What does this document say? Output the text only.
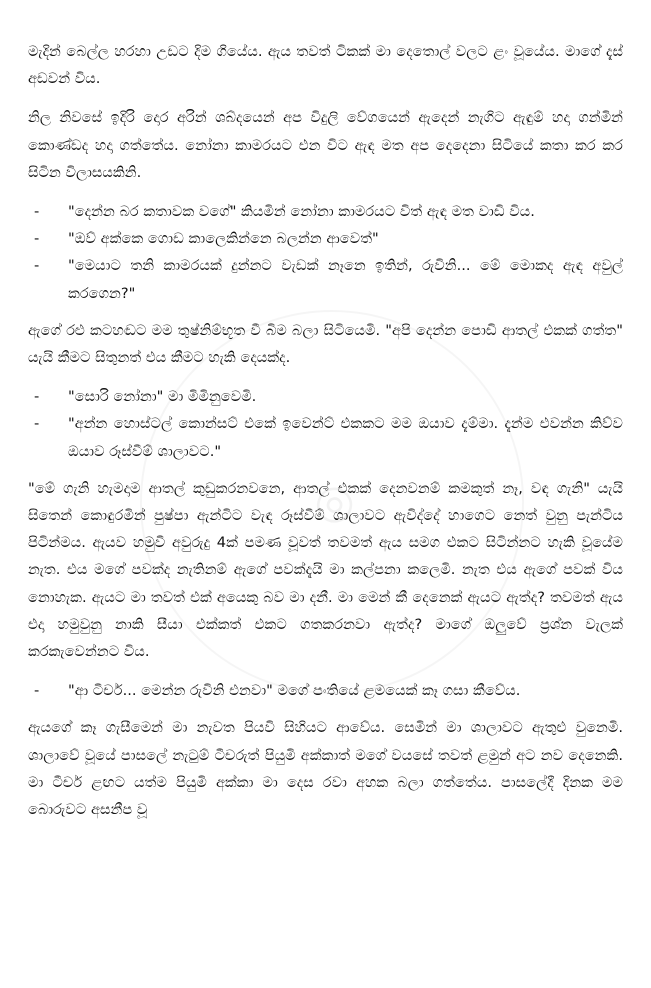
◎

මැදින් බෙල්ල හරහා උඩට දිම ගියේය. ඇය තවත් ටිකක් මා දෙතොල් වලට ළං වූයේය. මාගේ දැස් අඩවන් විය.

නිල නිවසේ ඉදිරි දොර අරින් ශබ්දයෙන් අප විදුලි වේගයෙන් ඇදෙන් නැගිට ඇඳුම් හදා ගන්මින් කොණ්ඩද හදා ගත්තේය. නෝනා කාමරයට එන විට ඇඳ මත අප දෙදෙනා සිටියේ කතා කර කර සිටින විලාසයකිනි.

- "දෙන්න බර කතාවක වගේ" කියමින් නෝනා කාමරයට විත් ඇඳ මත වාඩි විය.
- "ඔව් අක්කෙ ගොඩ කාලෙකින්නෙ බලන්න ආවෙත්"
- "මෙයාට තනි කාමරයක් දුන්නට වැඩක් නෑනෙ ඉතින්, රුවිනි... මේ මොකද ඇඳ අවුල් කරගෙන?"

ඇගේ රළු කටහඬට මම තුෂ්නිම්භූත වී බිම බලා සිටියෙමි. "අපි දෙන්න පොඩි ආතල් එකක් ගත්ත" යැයි කීමට සිතුනත් එය කීමට හැකි දෙයක්ද.

- "සොරි නෝනා" මා මිමිනුවෙමි.
- "අන්න හොස්ටල් කොන්සට් එකේ ඉවෙන්ට් එකකට මම ඔයාව දැම්මා. දැන්ම එවන්න කිව්ව ඔයාව රූස්වීම් ශාලාවට."

"මේ ගැනි හැමදාම ආතල් කුඩුකරනවනෙ, ආතල් එකක් දෙනවනම් කමකුත් නෑ, වඳ ගැනි" යැයි සිතෙන් කොඳුරමින් පුෂ්පා ඇන්ටිට වැඳ රූස්වීම් ශාලාවට ඇවිද්දේ හාගෙට නෙත් වුනු පැන්ටිය පිටින්මය. ඇයව හමුවී අවුරුදු 4ක් පමණ වූවත් තවමත් ඇය සමග එකට සිටින්නට හැකි වූයේම නැත. එය මගේ පවක්ද නැතිනම් ඇගේ පවක්දැයි මා කල්පනා කලෙමි. නැත එය ඇගේ පවක් විය නොහැක. ඇයට මා තවත් එක් අයෙකු බව මා දනී. මා මෙන් කී දෙනෙක් ඇයට ඇත්ද? තවමත් ඇය එදා හමුවුනු නාකි සීයා එක්කත් එකට ගතකරනවා ඇත්ද? මාගේ ඔලුවේ ප්‍රශ්න වැලක් කරකැවෙන්නට විය.

- "ආ ටීචර්... මෙන්න රුවිනි එනවා" මගේ පංතියේ ළමයෙක් කෑ ගසා කීවේය.

ඇයගේ කෑ ගැසීමෙන් මා නැවත පියවි සිහියට ආවේය. සෙමින් මා ශාලාවට ඇතුළු වුනෙමි. ශාලාවේ වූයේ පාසලේ නැටුම් ටීචරුත් පියුමි අක්කාත් මගේ වයසේ තවත් ළමුන් අට නව දෙනෙකි. මා ටීචර් ළඟට යත්ම පියුමි අක්කා මා දෙස රවා අහක බලා ගත්තේය. පාසලේදී දිනක මම බොරුවට අසනීප වූ
